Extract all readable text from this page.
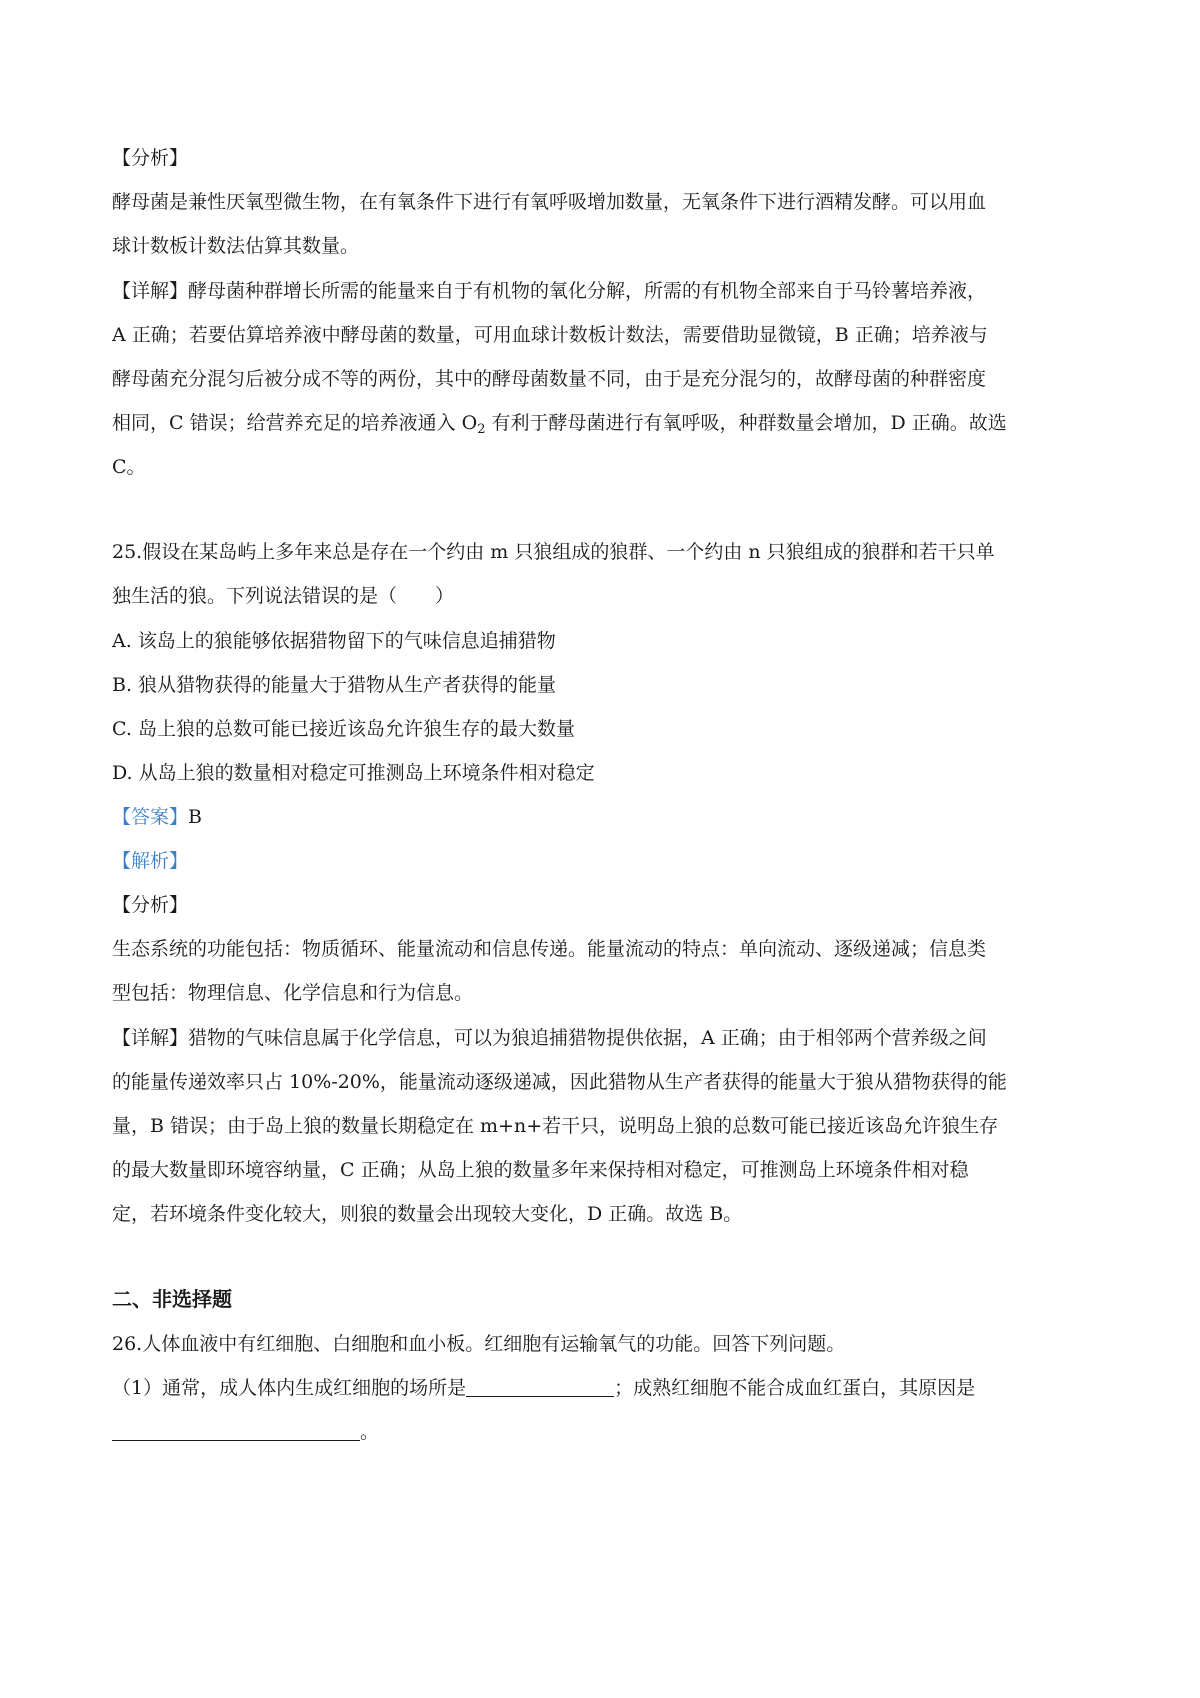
【分析】
酵母菌是兼性厌氧型微生物，在有氧条件下进行有氧呼吸增加数量，无氧条件下进行酒精发酵。可以用血
球计数板计数法估算其数量。
【详解】酵母菌种群增长所需的能量来自于有机物的氧化分解，所需的有机物全部来自于马铃薯培养液，
A 正确；若要估算培养液中酵母菌的数量，可用血球计数板计数法，需要借助显微镜，B 正确；培养液与
酵母菌充分混匀后被分成不等的两份，其中的酵母菌数量不同，由于是充分混匀的，故酵母菌的种群密度
相同，C 错误；给营养充足的培养液通入 $O_2$ 有利于酵母菌进行有氧呼吸，种群数量会增加，D 正确。故选
C。
25.假设在某岛屿上多年来总是存在一个约由 m 只狼组成的狼群、一个约由 n 只狼组成的狼群和若干只单
独生活的狼。下列说法错误的是（　　）
A. 该岛上的狼能够依据猎物留下的气味信息追捕猎物
B. 狼从猎物获得的能量大于猎物从生产者获得的能量
C. 岛上狼的总数可能已接近该岛允许狼生存的最大数量
D. 从岛上狼的数量相对稳定可推测岛上环境条件相对稳定
【答案】B
【解析】
【分析】
生态系统的功能包括：物质循环、能量流动和信息传递。能量流动的特点：单向流动、逐级递减；信息类
型包括：物理信息、化学信息和行为信息。
【详解】猎物的气味信息属于化学信息，可以为狼追捕猎物提供依据，A 正确；由于相邻两个营养级之间
的能量传递效率只占 10%-20%，能量流动逐级递减，因此猎物从生产者获得的能量大于狼从猎物获得的能
量，B 错误；由于岛上狼的数量长期稳定在 m+n+若干只，说明岛上狼的总数可能已接近该岛允许狼生存
的最大数量即环境容纳量，C 正确；从岛上狼的数量多年来保持相对稳定，可推测岛上环境条件相对稳
定，若环境条件变化较大，则狼的数量会出现较大变化，D 正确。故选 B。
二、非选择题
26.人体血液中有红细胞、白细胞和血小板。红细胞有运输氧气的功能。回答下列问题。
（1）通常，成人体内生成红细胞的场所是	；成熟红细胞不能合成血红蛋白，其原因是
。
